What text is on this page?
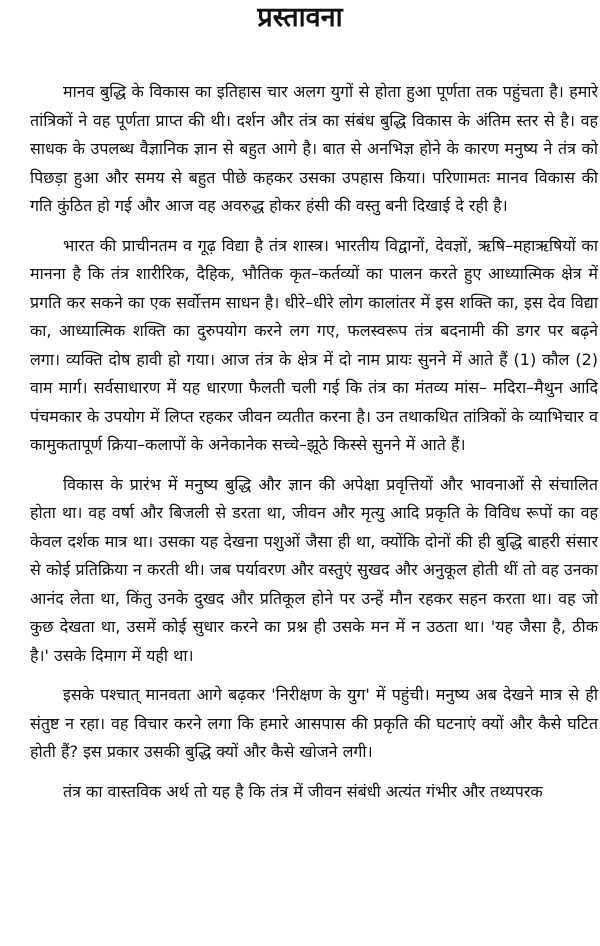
प्रस्तावना

मानव बुद्धि के विकास का इतिहास चार अलग युगों से होता हुआ पूर्णता तक पहुंचता है। हमारे तांत्रिकों ने वह पूर्णता प्राप्त की थी। दर्शन और तंत्र का संबंध बुद्धि विकास के अंतिम स्तर से है। वह साधक के उपलब्ध वैज्ञानिक ज्ञान से बहुत आगे है। बात से अनभिज्ञ होने के कारण मनुष्य ने तंत्र को पिछड़ा हुआ और समय से बहुत पीछे कहकर उसका उपहास किया। परिणामतः मानव विकास की गति कुंठित हो गई और आज वह अवरुद्ध होकर हंसी की वस्तु बनी दिखाई दे रही है।

भारत की प्राचीनतम व गूढ़ विद्या है तंत्र शास्त्र। भारतीय विद्वानों, देवज्ञों, ऋषि–महाऋषियों का मानना है कि तंत्र शारीरिक, दैहिक, भौतिक कृत–कर्तव्यों का पालन करते हुए आध्यात्मिक क्षेत्र में प्रगति कर सकने का एक सर्वोत्तम साधन है। धीरे–धीरे लोग कालांतर में इस शक्ति का, इस देव विद्या का, आध्यात्मिक शक्ति का दुरुपयोग करने लग गए, फलस्वरूप तंत्र बदनामी की डगर पर बढ़ने लगा। व्यक्ति दोष हावी हो गया। आज तंत्र के क्षेत्र में दो नाम प्रायः सुनने में आते हैं (1) कौल (2) वाम मार्ग। सर्वसाधारण में यह धारणा फैलती चली गई कि तंत्र का मंतव्य मांस– मदिरा–मैथुन आदि पंचमकार के उपयोग में लिप्त रहकर जीवन व्यतीत करना है। उन तथाकथित तांत्रिकों के व्याभिचार व कामुकतापूर्ण क्रिया–कलापों के अनेकानेक सच्चे–झूठे किस्से सुनने में आते हैं।

विकास के प्रारंभ में मनुष्य बुद्धि और ज्ञान की अपेक्षा प्रवृत्तियों और भावनाओं से संचालित होता था। वह वर्षा और बिजली से डरता था, जीवन और मृत्यु आदि प्रकृति के विविध रूपों का वह केवल दर्शक मात्र था। उसका यह देखना पशुओं जैसा ही था, क्योंकि दोनों की ही बुद्धि बाहरी संसार से कोई प्रतिक्रिया न करती थी। जब पर्यावरण और वस्तुएं सुखद और अनुकूल होती थीं तो वह उनका आनंद लेता था, किंतु उनके दुखद और प्रतिकूल होने पर उन्हें मौन रहकर सहन करता था। वह जो कुछ देखता था, उसमें कोई सुधार करने का प्रश्न ही उसके मन में न उठता था। 'यह जैसा है, ठीक है।' उसके दिमाग में यही था।

इसके पश्चात् मानवता आगे बढ़कर 'निरीक्षण के युग' में पहुंची। मनुष्य अब देखने मात्र से ही संतुष्ट न रहा। वह विचार करने लगा कि हमारे आसपास की प्रकृति की घटनाएं क्यों और कैसे घटित होती हैं? इस प्रकार उसकी बुद्धि क्यों और कैसे खोजने लगी।

तंत्र का वास्तविक अर्थ तो यह है कि तंत्र में जीवन संबंधी अत्यंत गंभीर और तथ्यपरक
